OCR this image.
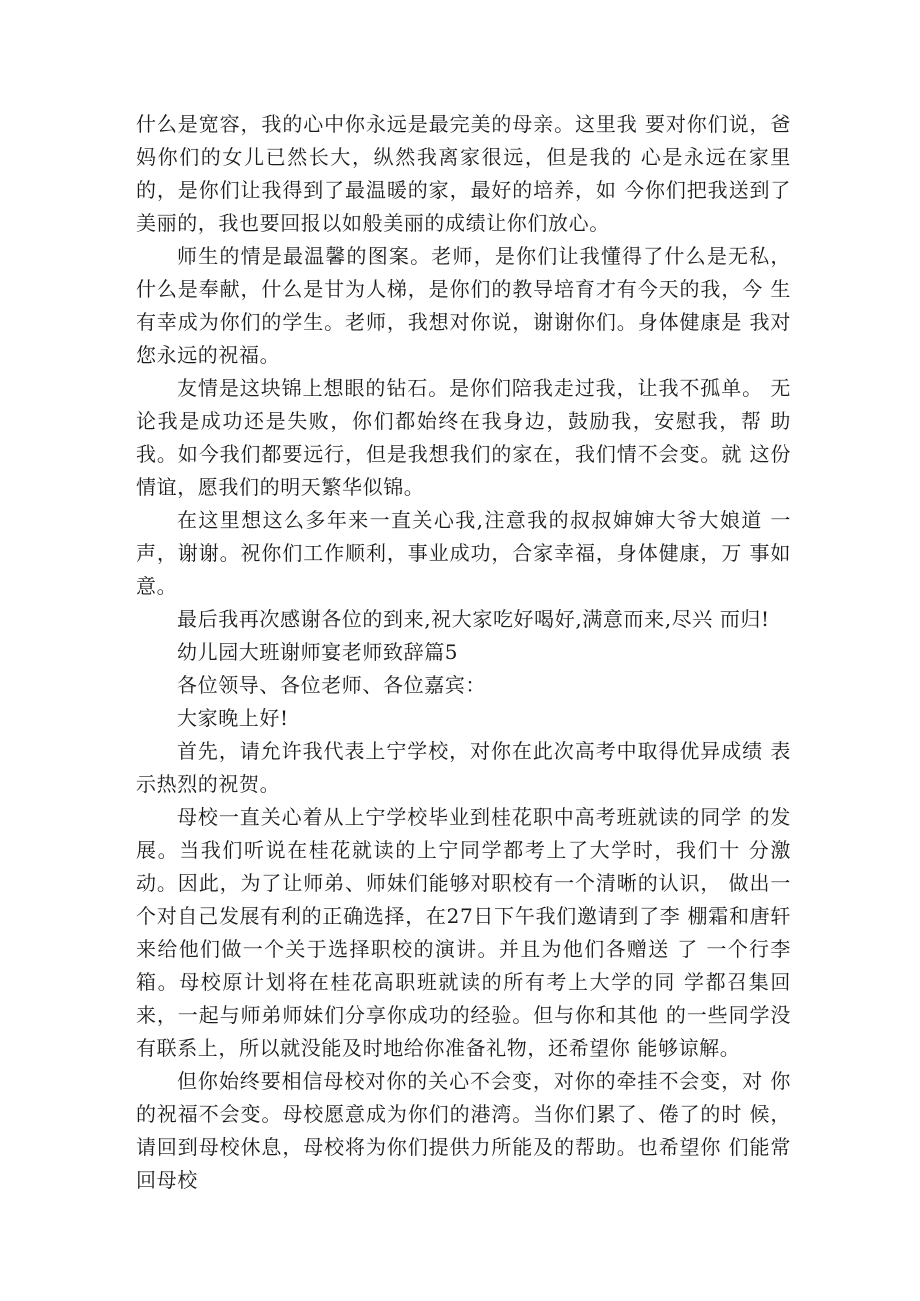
什么是宽容，我的心中你永远是最完美的母亲。这里我 要对你们说，爸妈你们的女儿已然长大，纵然我离家很远，但是我的 心是永远在家里的，是你们让我得到了最温暖的家，最好的培养，如 今你们把我送到了美丽的，我也要回报以如般美丽的成绩让你们放心。

师生的情是最温馨的图案。老师，是你们让我懂得了什么是无私， 什么是奉献，什么是甘为人梯，是你们的教导培育才有今天的我，今 生有幸成为你们的学生。老师，我想对你说，谢谢你们。身体健康是 我对您永远的祝福。

友情是这块锦上想眼的钻石。是你们陪我走过我，让我不孤单。 无论我是成功还是失败，你们都始终在我身边，鼓励我，安慰我，帮 助我。如今我们都要远行，但是我想我们的家在，我们情不会变。就 这份情谊，愿我们的明天繁华似锦。

在这里想这么多年来一直关心我,注意我的叔叔婶婶大爷大娘道 一声，谢谢。祝你们工作顺利，事业成功，合家幸福，身体健康，万 事如意。

最后我再次感谢各位的到来,祝大家吃好喝好,满意而来,尽兴 而归!

幼儿园大班谢师宴老师致辞篇5

各位领导、各位老师、各位嘉宾：

大家晚上好!

首先，请允许我代表上宁学校，对你在此次高考中取得优异成绩 表示热烈的祝贺。

母校一直关心着从上宁学校毕业到桂花职中高考班就读的同学 的发展。当我们听说在桂花就读的上宁同学都考上了大学时，我们十 分激动。因此，为了让师弟、师妹们能够对职校有一个清晰的认识， 做出一个对自己发展有利的正确选择，在27日下午我们邀请到了李 棚霜和唐轩来给他们做一个关于选择职校的演讲。并且为他们各赠送 了 一个行李箱。母校原计划将在桂花高职班就读的所有考上大学的同 学都召集回来，一起与师弟师妹们分享你成功的经验。但与你和其他 的一些同学没有联系上，所以就没能及时地给你准备礼物，还希望你 能够谅解。

但你始终要相信母校对你的关心不会变，对你的牵挂不会变，对 你的祝福不会变。母校愿意成为你们的港湾。当你们累了、倦了的时 候，请回到母校休息，母校将为你们提供力所能及的帮助。也希望你 们能常回母校
